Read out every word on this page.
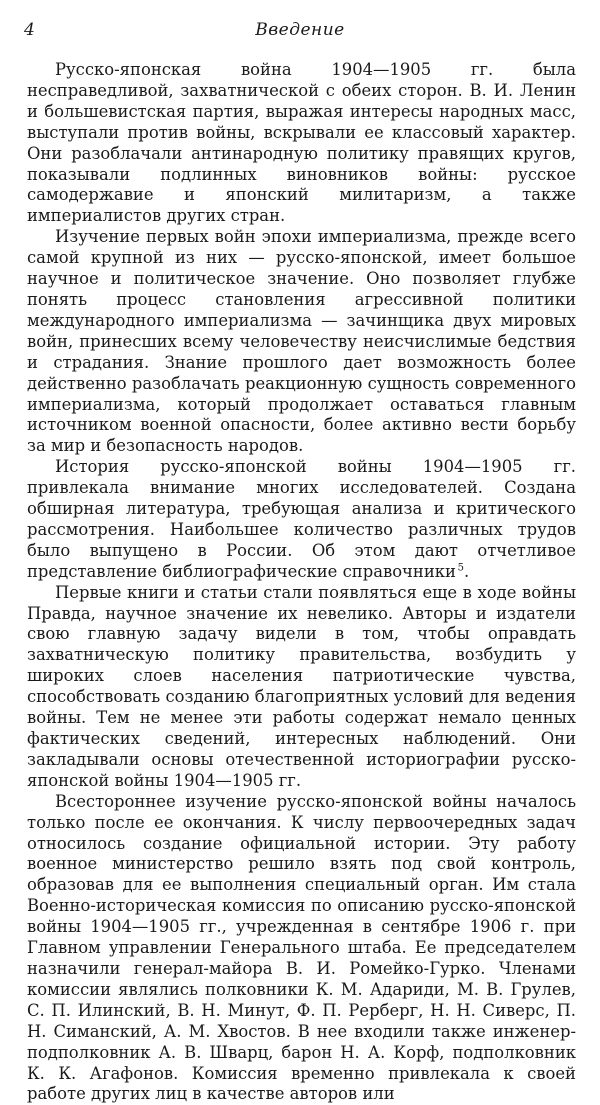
4	Введение

Русско-японская война 1904—1905 гг. была несправедливой, захватнической с обеих сторон. В. И. Ленин и большевистская партия, выражая интересы народных масс, выступали против войны, вскрывали ее классовый характер. Они разоблачали антинародную политику правящих кругов, показывали подлинных виновников войны: русское самодержавие и японский милитаризм, а также империалистов других стран.

Изучение первых войн эпохи империализма, прежде всего самой крупной из них — русско-японской, имеет большое научное и политическое значение. Оно позволяет глубже понять процесс становления агрессивной политики международного империализма — зачинщика двух мировых войн, принесших всему человечеству неисчислимые бедствия и страдания. Знание прошлого дает возможность более действенно разоблачать реакционную сущность современного империализма, который продолжает оставаться главным источником военной опасности, более активно вести борьбу за мир и безопасность народов.

История русско-японской войны 1904—1905 гг. привлекала внимание многих исследователей. Создана обширная литература, требующая анализа и критического рассмотрения. Наибольшее количество различных трудов было выпущено в России. Об этом дают отчетливое представление библиографические справочники  $^5$.

Первые книги и статьи стали появляться еще в ходе войны Правда, научное значение их невелико. Авторы и издатели свою главную задачу видели в том, чтобы оправдать захватническую политику правительства, возбудить у широких слоев населения патриотические чувства, способствовать созданию благоприятных условий для ведения войны. Тем не менее эти работы содержат немало ценных фактических сведений, интересных наблюдений. Они закладывали основы отечественной историографии русско-японской войны 1904—1905 гг.

Всестороннее изучение русско-японской войны началось только после ее окончания. К числу первоочередных задач относилось создание официальной истории. Эту работу военное министерство решило взять под свой контроль, образовав для ее выполнения специальный орган. Им стала Военно-историческая комиссия по описанию русско-японской войны 1904—1905 гг., учрежденная в сентябре 1906 г. при Главном управлении Генерального штаба. Ее председателем назначили генерал-майора В. И. Ромейко-Гурко. Членами комиссии являлись полковники К. М. Адариди, М. В. Грулев, С. П. Илинский, В. Н. Минут, Ф. П. Рерберг, Н. Н. Сиверс, П. Н. Симанский, А. М. Хвостов. В нее входили также инженер-подполковник А. В. Шварц, барон Н. А. Корф, подполковник К. К. Агафонов. Комиссия временно привлекала к своей работе других лиц в качестве авторов или
